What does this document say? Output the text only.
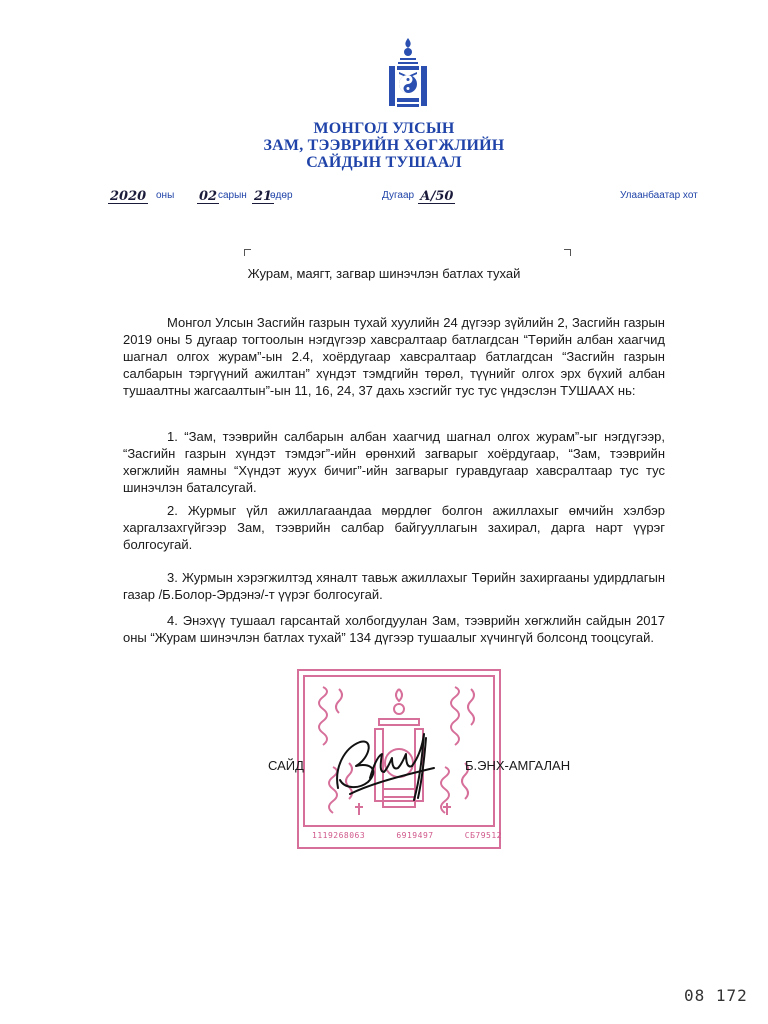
МОНГОЛ УЛСЫН
ЗАМ, ТЭЭВРИЙН ХӨГЖЛИЙН
САЙДЫН ТУШААЛ
2020 оны 02 сарын 21
өдөр	Дугаар А/50	Улаанбаатар хот
Журам, маягт, загвар шинэчлэн батлах тухай
Монгол Улсын Засгийн газрын тухай хуулийн 24 дүгээр зүйлийн 2, Засгийн газрын 2019 оны 5 дугаар тогтоолын нэгдүгээр хавсралтаар батлагдсан “Төрийн албан хаагчид шагнал олгох журам”-ын 2.4, хоёрдугаар хавсралтаар батлагдсан “Засгийн газрын салбарын тэргүүний ажилтан” хүндэт тэмдгийн төрөл, түүнийг олгох эрх бүхий албан тушаалтны жагсаалтын”-ын 11, 16, 24, 37 дахь хэсгийг тус тус үндэслэн ТУШААХ нь:
1. “Зам, тээврийн салбарын албан хаагчид шагнал олгох журам”-ыг нэгдүгээр, “Засгийн газрын хүндэт тэмдэг”-ийн өрөнхий загварыг хоёрдугаар, “Зам, тээврийн хөгжлийн яамны “Хүндэт жуух бичиг”-ийн загварыг гуравдугаар хавсралтаар тус тус шинэчлэн баталсугай.
2. Журмыг үйл ажиллагаандаа мөрдлөг болгон ажиллахыг өмчийн хэлбэр харгалзахгүйгээр Зам, тээврийн салбар байгууллагын захирал, дарга нарт үүрэг болгосугай.
3. Журмын хэрэгжилтэд хяналт тавьж ажиллахыг Төрийн захиргааны удирдлагын газар /Б.Болор-Эрдэнэ/-т үүрэг болгосугай.
4. Энэхүү тушаал гарсантай холбогдуулан Зам, тээврийн хөгжлийн сайдын 2017 оны “Журам шинэчлэн батлах тухай” 134 дүгээр тушаалыг хүчингүй болсонд тооцсугай.
1119268063	6919497	СБ79512
САЙД	Б.ЭНХ-АМГАЛАН
08 172
